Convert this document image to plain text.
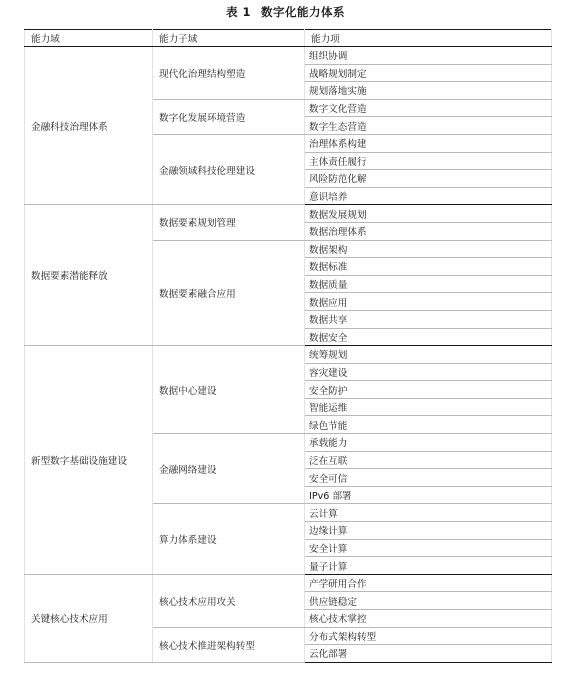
表 1 数字化能力体系
能力域	能力子域	能力项
金融科技治理体系	现代化治理结构塑造	组织协调
		战略规划制定
		规划落地实施
	数字化发展环境营造	数字文化营造
		数字生态营造
	金融领域科技伦理建设	治理体系构建
		主体责任履行
		风险防范化解
		意识培养
数据要素潜能释放	数据要素规划管理	数据发展规划
		数据治理体系
	数据要素融合应用	数据架构
		数据标准
		数据质量
		数据应用
		数据共享
		数据安全
新型数字基础设施建设	数据中心建设	统筹规划
		容灾建设
		安全防护
		智能运维
		绿色节能
	金融网络建设	承载能力
		泛在互联
		安全可信
		IPv6 部署
	算力体系建设	云计算
		边缘计算
		安全计算
		量子计算
关键核心技术应用	核心技术应用攻关	产学研用合作
		供应链稳定
		核心技术掌控
	核心技术推进架构转型	分布式架构转型
		云化部署
